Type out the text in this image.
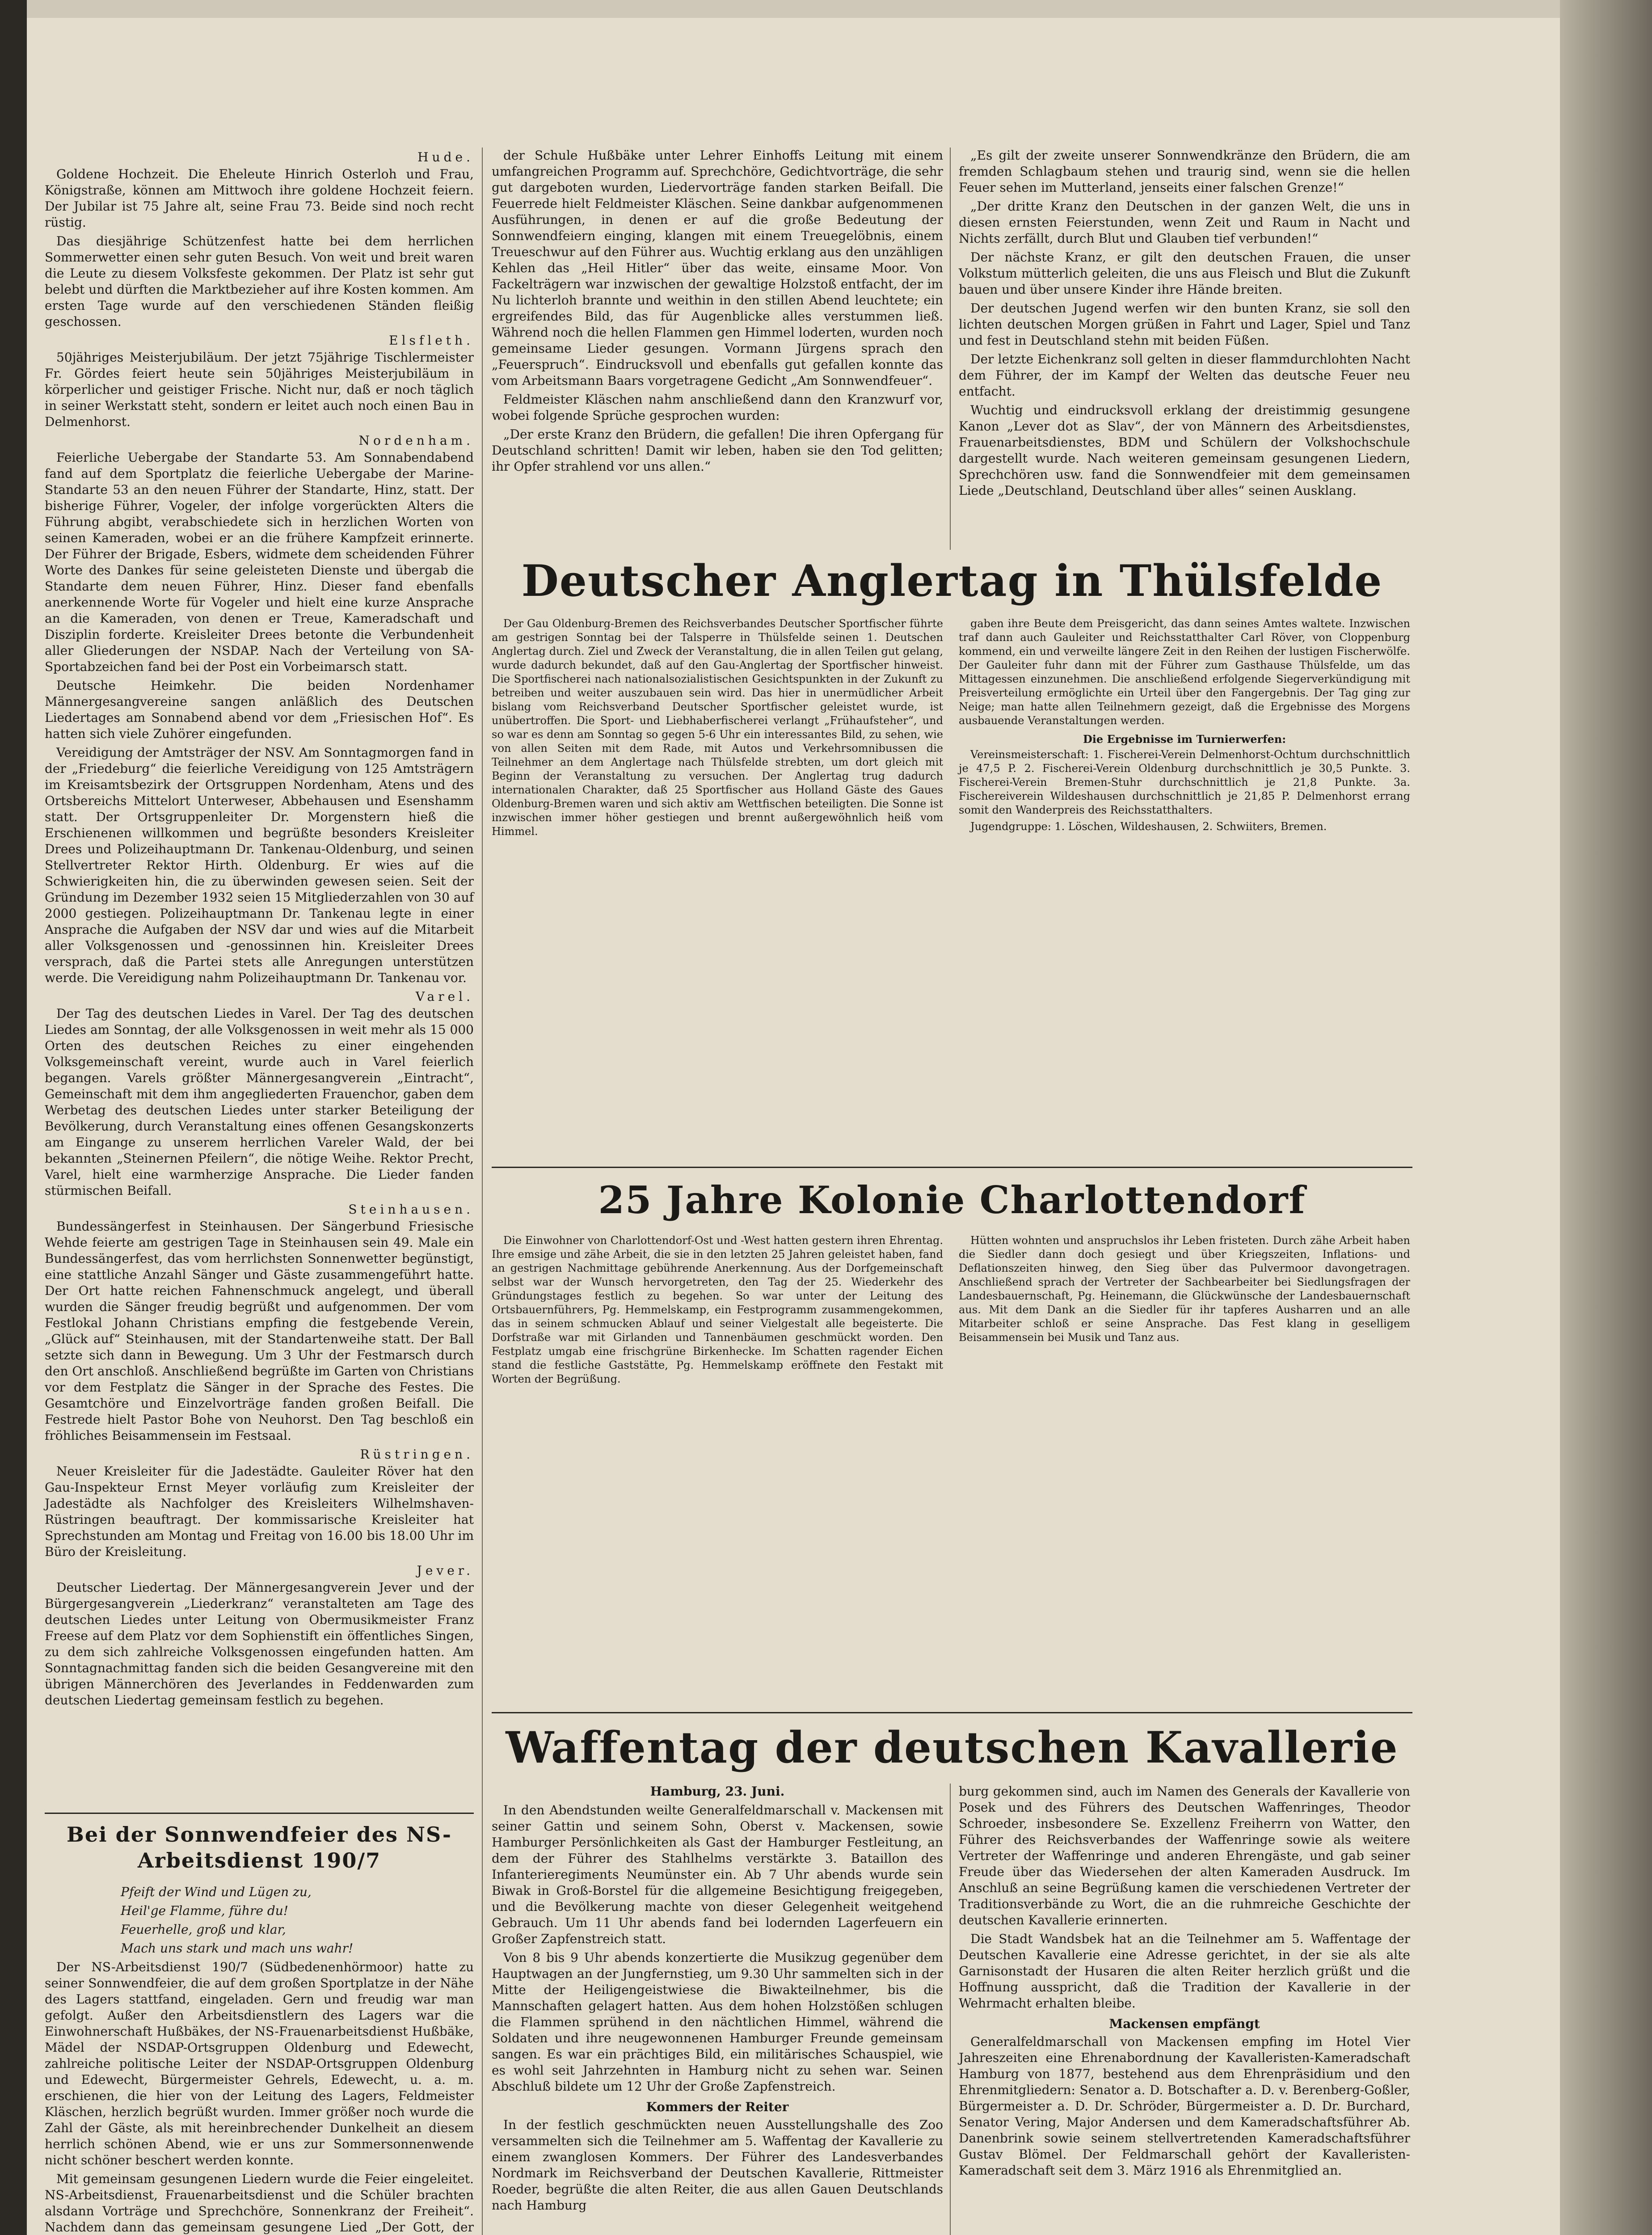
Hude.

Goldene Hochzeit. Die Eheleute Hinrich Osterloh und Frau, Königstraße, können am Mittwoch ihre goldene Hochzeit feiern. Der Jubilar ist 75 Jahre alt, seine Frau 73. Beide sind noch recht rüstig.

Das diesjährige Schützenfest hatte bei dem herrlichen Sommerwetter einen sehr guten Besuch. Von weit und breit waren die Leute zu diesem Volksfeste gekommen. Der Platz ist sehr gut belebt und dürften die Marktbezieher auf ihre Kosten kommen. Am ersten Tage wurde auf den verschiedenen Ständen fleißig geschossen.

Elsfleth.

50jähriges Meisterjubiläum. Der jetzt 75jährige Tischlermeister Fr. Gördes feiert heute sein 50jähriges Meisterjubiläum in körperlicher und geistiger Frische. Nicht nur, daß er noch täglich in seiner Werkstatt steht, sondern er leitet auch noch einen Bau in Delmenhorst.

Nordenham.

Feierliche Uebergabe der Standarte 53. Am Sonnabendabend fand auf dem Sportplatz die feierliche Uebergabe der Marine-Standarte 53 an den neuen Führer der Standarte, Hinz, statt. Der bisherige Führer, Vogeler, der infolge vorgerückten Alters die Führung abgibt, verabschiedete sich in herzlichen Worten von seinen Kameraden, wobei er an die frühere Kampfzeit erinnerte. Der Führer der Brigade, Esbers, widmete dem scheidenden Führer Worte des Dankes für seine geleisteten Dienste und übergab die Standarte dem neuen Führer, Hinz. Dieser fand ebenfalls anerkennende Worte für Vogeler und hielt eine kurze Ansprache an die Kameraden, von denen er Treue, Kameradschaft und Disziplin forderte. Kreisleiter Drees betonte die Verbundenheit aller Gliederungen der NSDAP. Nach der Verteilung von SA-Sportabzeichen fand bei der Post ein Vorbeimarsch statt.

Deutsche Heimkehr. Die beiden Nordenhamer Männergesangvereine sangen anläßlich des Deutschen Liedertages am Sonnabend abend vor dem „Friesischen Hof“. Es hatten sich viele Zuhörer eingefunden.

Vereidigung der Amtsträger der NSV. Am Sonntagmorgen fand in der „Friedeburg“ die feierliche Vereidigung von 125 Amtsträgern im Kreisamtsbezirk der Ortsgruppen Nordenham, Atens und des Ortsbereichs Mittelort Unterweser, Abbehausen und Esenshamm statt. Der Ortsgruppenleiter Dr. Morgenstern hieß die Erschienenen willkommen und begrüßte besonders Kreisleiter Drees und Polizeihauptmann Dr. Tankenau-Oldenburg, und seinen Stellvertreter Rektor Hirth. Oldenburg. Er wies auf die Schwierigkeiten hin, die zu überwinden gewesen seien. Seit der Gründung im Dezember 1932 seien 15 Mitgliederzahlen von 30 auf 2000 gestiegen. Polizeihauptmann Dr. Tankenau legte in einer Ansprache die Aufgaben der NSV dar und wies auf die Mitarbeit aller Volksgenossen und -genossinnen hin. Kreisleiter Drees versprach, daß die Partei stets alle Anregungen unterstützen werde. Die Vereidigung nahm Polizeihauptmann Dr. Tankenau vor.

Varel.

Der Tag des deutschen Liedes in Varel. Der Tag des deutschen Liedes am Sonntag, der alle Volksgenossen in weit mehr als 15 000 Orten des deutschen Reiches zu einer eingehenden Volksgemeinschaft vereint, wurde auch in Varel feierlich begangen. Varels größter Männergesangverein „Eintracht“, Gemeinschaft mit dem ihm angegliederten Frauenchor, gaben dem Werbetag des deutschen Liedes unter starker Beteiligung der Bevölkerung, durch Veranstaltung eines offenen Gesangskonzerts am Eingange zu unserem herrlichen Vareler Wald, der bei bekannten „Steinernen Pfeilern“, die nötige Weihe. Rektor Precht, Varel, hielt eine warmherzige Ansprache. Die Lieder fanden stürmischen Beifall.

Steinhausen.

Bundessängerfest in Steinhausen. Der Sängerbund Friesische Wehde feierte am gestrigen Tage in Steinhausen sein 49. Male ein Bundessängerfest, das vom herrlichsten Sonnenwetter begünstigt, eine stattliche Anzahl Sänger und Gäste zusammengeführt hatte. Der Ort hatte reichen Fahnenschmuck angelegt, und überall wurden die Sänger freudig begrüßt und aufgenommen. Der vom Festlokal Johann Christians empfing die festgebende Verein, „Glück auf“ Steinhausen, mit der Standartenweihe statt. Der Ball setzte sich dann in Bewegung. Um 3 Uhr der Festmarsch durch den Ort anschloß. Anschließend begrüßte im Garten von Christians vor dem Festplatz die Sänger in der Sprache des Festes. Die Gesamtchöre und Einzelvorträge fanden großen Beifall. Die Festrede hielt Pastor Bohe von Neuhorst. Den Tag beschloß ein fröhliches Beisammensein im Festsaal.

Rüstringen.

Neuer Kreisleiter für die Jadestädte. Gauleiter Röver hat den Gau-Inspekteur Ernst Meyer vorläufig zum Kreisleiter der Jadestädte als Nachfolger des Kreisleiters Wilhelmshaven-Rüstringen beauftragt. Der kommissarische Kreisleiter hat Sprechstunden am Montag und Freitag von 16.00 bis 18.00 Uhr im Büro der Kreisleitung.

Jever.

Deutscher Liedertag. Der Männergesangverein Jever und der Bürgergesangverein „Liederkranz“ veranstalteten am Tage des deutschen Liedes unter Leitung von Obermusikmeister Franz Freese auf dem Platz vor dem Sophienstift ein öffentliches Singen, zu dem sich zahlreiche Volksgenossen eingefunden hatten. Am Sonntagnachmittag fanden sich die beiden Gesangvereine mit den übrigen Männerchören des Jeverlandes in Feddenwarden zum deutschen Liedertag gemeinsam festlich zu begehen.

Bei der Sonnwendfeier des NS-Arbeitsdienst 190/7

Pfeift der Wind und Lügen zu,

Heil'ge Flamme, führe du!

Feuerhelle, groß und klar,

Mach uns stark und mach uns wahr!

Der NS-Arbeitsdienst 190/7 (Südbedenenhörmoor) hatte zu seiner Sonnwendfeier, die auf dem großen Sportplatze in der Nähe des Lagers stattfand, eingeladen. Gern und freudig war man gefolgt. Außer den Arbeitsdienstlern des Lagers war die Einwohnerschaft Hußbäkes, der NS-Frauenarbeitsdienst Hußbäke, Mädel der NSDAP-Ortsgruppen Oldenburg und Edewecht, zahlreiche politische Leiter der NSDAP-Ortsgruppen Oldenburg und Edewecht, Bürgermeister Gehrels, Edewecht, u. a. m. erschienen, die hier von der Leitung des Lagers, Feldmeister Kläschen, herzlich begrüßt wurden. Immer größer noch wurde die Zahl der Gäste, als mit hereinbrechender Dunkelheit an diesem herrlich schönen Abend, wie er uns zur Sommersonnenwende nicht schöner beschert werden konnte.

Mit gemeinsam gesungenen Liedern wurde die Feier eingeleitet. NS-Arbeitsdienst, Frauenarbeitsdienst und die Schüler brachten alsdann Vorträge und Sprechchöre, Sonnenkranz der Freiheit“. Nachdem dann das gemeinsam gesungene Lied „Der Gott, der

der Schule Hußbäke unter Lehrer Einhoffs Leitung mit einem umfangreichen Programm auf. Sprechchöre, Gedichtvorträge, die sehr gut dargeboten wurden, Liedervorträge fanden starken Beifall. Die Feuerrede hielt Feldmeister Kläschen. Seine dankbar aufgenommenen Ausführungen, in denen er auf die große Bedeutung der Sonnwendfeiern einging, klangen mit einem Treuegelöbnis, einem Treueschwur auf den Führer aus. Wuchtig erklang aus den unzähligen Kehlen das „Heil Hitler“ über das weite, einsame Moor. Von Fackelträgern war inzwischen der gewaltige Holzstoß entfacht, der im Nu lichterloh brannte und weithin in den stillen Abend leuchtete; ein ergreifendes Bild, das für Augenblicke alles verstummen ließ. Während noch die hellen Flammen gen Himmel loderten, wurden noch gemeinsame Lieder gesungen. Vormann Jürgens sprach den „Feuerspruch“. Eindrucksvoll und ebenfalls gut gefallen konnte das vom Arbeitsmann Baars vorgetragene Gedicht „Am Sonnwendfeuer“.

Feldmeister Kläschen nahm anschließend dann den Kranzwurf vor, wobei folgende Sprüche gesprochen wurden:

„Der erste Kranz den Brüdern, die gefallen! Die ihren Opfergang für Deutschland schritten! Damit wir leben, haben sie den Tod gelitten; ihr Opfer strahlend vor uns allen.“

„Es gilt der zweite unserer Sonnwendkränze den Brüdern, die am fremden Schlagbaum stehen und traurig sind, wenn sie die hellen Feuer sehen im Mutterland, jenseits einer falschen Grenze!“

„Der dritte Kranz den Deutschen in der ganzen Welt, die uns in diesen ernsten Feierstunden, wenn Zeit und Raum in Nacht und Nichts zerfällt, durch Blut und Glauben tief verbunden!“

Der nächste Kranz, er gilt den deutschen Frauen, die unser Volkstum mütterlich geleiten, die uns aus Fleisch und Blut die Zukunft bauen und über unsere Kinder ihre Hände breiten.

Der deutschen Jugend werfen wir den bunten Kranz, sie soll den lichten deutschen Morgen grüßen in Fahrt und Lager, Spiel und Tanz und fest in Deutschland stehn mit beiden Füßen.

Der letzte Eichenkranz soll gelten in dieser flammdurchlohten Nacht dem Führer, der im Kampf der Welten das deutsche Feuer neu entfacht.

Wuchtig und eindrucksvoll erklang der dreistimmig gesungene Kanon „Lever dot as Slav“, der von Männern des Arbeitsdienstes, Frauenarbeitsdienstes, BDM und Schülern der Volkshochschule dargestellt wurde. Nach weiteren gemeinsam gesungenen Liedern, Sprechchören usw. fand die Sonnwendfeier mit dem gemeinsamen Liede „Deutschland, Deutschland über alles“ seinen Ausklang.

Deutscher Anglertag in Thülsfelde

Der Gau Oldenburg-Bremen des Reichsverbandes Deutscher Sportfischer führte am gestrigen Sonntag bei der Talsperre in Thülsfelde seinen 1. Deutschen Anglertag durch. Ziel und Zweck der Veranstaltung, die in allen Teilen gut gelang, wurde dadurch bekundet, daß auf den Gau-Anglertag der Sportfischer hinweist. Die Sportfischerei nach nationalsozialistischen Gesichtspunkten in der Zukunft zu betreiben und weiter auszubauen sein wird. Das hier in unermüdlicher Arbeit bislang vom Reichsverband Deutscher Sportfischer geleistet wurde, ist unübertroffen. Die Sport- und Liebhaberfischerei verlangt „Frühaufsteher“, und so war es denn am Sonntag so gegen 5-6 Uhr ein interessantes Bild, zu sehen, wie von allen Seiten mit dem Rade, mit Autos und Verkehrsomnibussen die Teilnehmer an dem Anglertage nach Thülsfelde strebten, um dort gleich mit Beginn der Veranstaltung zu versuchen. Der Anglertag trug dadurch internationalen Charakter, daß 25 Sportfischer aus Holland Gäste des Gaues Oldenburg-Bremen waren und sich aktiv am Wettfischen beteiligten. Die Sonne ist inzwischen immer höher gestiegen und brennt außergewöhnlich heiß vom Himmel.

gaben ihre Beute dem Preisgericht, das dann seines Amtes waltete. Inzwischen traf dann auch Gauleiter und Reichsstatthalter Carl Röver, von Cloppenburg kommend, ein und verweilte längere Zeit in den Reihen der lustigen Fischerwölfe. Der Gauleiter fuhr dann mit der Führer zum Gasthause Thülsfelde, um das Mittagessen einzunehmen. Die anschließend erfolgende Siegerverkündigung mit Preisverteilung ermöglichte ein Urteil über den Fangergebnis. Der Tag ging zur Neige; man hatte allen Teilnehmern gezeigt, daß die Ergebnisse des Morgens ausbauende Veranstaltungen werden.

Die Ergebnisse im Turnierwerfen:

Vereinsmeisterschaft: 1. Fischerei-Verein Delmenhorst-Ochtum durchschnittlich je 47,5 P. 2. Fischerei-Verein Oldenburg durchschnittlich je 30,5 Punkte. 3. Fischerei-Verein Bremen-Stuhr durchschnittlich je 21,8 Punkte. 3a. Fischereiverein Wildeshausen durchschnittlich je 21,85 P. Delmenhorst errang somit den Wanderpreis des Reichsstatthalters.

Jugendgruppe: 1. Löschen, Wildeshausen, 2. Schwiiters, Bremen.

25 Jahre Kolonie Charlottendorf

Die Einwohner von Charlottendorf-Ost und -West hatten gestern ihren Ehrentag. Ihre emsige und zähe Arbeit, die sie in den letzten 25 Jahren geleistet haben, fand an gestrigen Nachmittage gebührende Anerkennung. Aus der Dorfgemeinschaft selbst war der Wunsch hervorgetreten, den Tag der 25. Wiederkehr des Gründungstages festlich zu begehen. So war unter der Leitung des Ortsbauernführers, Pg. Hemmelskamp, ein Festprogramm zusammengekommen, das in seinem schmucken Ablauf und seiner Vielgestalt alle begeisterte. Die Dorfstraße war mit Girlanden und Tannenbäumen geschmückt worden. Den Festplatz umgab eine frischgrüne Birkenhecke. Im Schatten ragender Eichen stand die festliche Gaststätte, Pg. Hemmelskamp eröffnete den Festakt mit Worten der Begrüßung.

Hütten wohnten und anspruchslos ihr Leben fristeten. Durch zähe Arbeit haben die Siedler dann doch gesiegt und über Kriegszeiten, Inflations- und Deflationszeiten hinweg, den Sieg über das Pulvermoor davongetragen. Anschließend sprach der Vertreter der Sachbearbeiter bei Siedlungsfragen der Landesbauernschaft, Pg. Heinemann, die Glückwünsche der Landesbauernschaft aus. Mit dem Dank an die Siedler für ihr tapferes Ausharren und an alle Mitarbeiter schloß er seine Ansprache. Das Fest klang in geselligem Beisammensein bei Musik und Tanz aus.

Waffentag der deutschen Kavallerie

Hamburg, 23. Juni.

In den Abendstunden weilte Generalfeldmarschall v. Mackensen mit seiner Gattin und seinem Sohn, Oberst v. Mackensen, sowie Hamburger Persönlichkeiten als Gast der Hamburger Festleitung, an dem der Führer des Stahlhelms verstärkte 3. Bataillon des Infanterieregiments Neumünster ein. Ab 7 Uhr abends wurde sein Biwak in Groß-Borstel für die allgemeine Besichtigung freigegeben, und die Bevölkerung machte von dieser Gelegenheit weitgehend Gebrauch. Um 11 Uhr abends fand bei lodernden Lagerfeuern ein Großer Zapfenstreich statt.

Von 8 bis 9 Uhr abends konzertierte die Musikzug gegenüber dem Hauptwagen an der Jungfernstieg, um 9.30 Uhr sammelten sich in der Mitte der Heiligengeistwiese die Biwakteilnehmer, bis die Mannschaften gelagert hatten. Aus dem hohen Holzstößen schlugen die Flammen sprühend in den nächtlichen Himmel, während die Soldaten und ihre neugewonnenen Hamburger Freunde gemeinsam sangen. Es war ein prächtiges Bild, ein militärisches Schauspiel, wie es wohl seit Jahrzehnten in Hamburg nicht zu sehen war. Seinen Abschluß bildete um 12 Uhr der Große Zapfenstreich.

Kommers der Reiter

In der festlich geschmückten neuen Ausstellungshalle des Zoo versammelten sich die Teilnehmer am 5. Waffentag der Kavallerie zu einem zwanglosen Kommers. Der Führer des Landesverbandes Nordmark im Reichsverband der Deutschen Kavallerie, Rittmeister Roeder, begrüßte die alten Reiter, die aus allen Gauen Deutschlands nach Hamburg

burg gekommen sind, auch im Namen des Generals der Kavallerie von Posek und des Führers des Deutschen Waffenringes, Theodor Schroeder, insbesondere Se. Exzellenz Freiherrn von Watter, den Führer des Reichsverbandes der Waffenringe sowie als weitere Vertreter der Waffenringe und anderen Ehrengäste, und gab seiner Freude über das Wiedersehen der alten Kameraden Ausdruck. Im Anschluß an seine Begrüßung kamen die verschiedenen Vertreter der Traditionsverbände zu Wort, die an die ruhmreiche Geschichte der deutschen Kavallerie erinnerten.

Die Stadt Wandsbek hat an die Teilnehmer am 5. Waffentage der Deutschen Kavallerie eine Adresse gerichtet, in der sie als alte Garnisonstadt der Husaren die alten Reiter herzlich grüßt und die Hoffnung ausspricht, daß die Tradition der Kavallerie in der Wehrmacht erhalten bleibe.

Mackensen empfängt

Generalfeldmarschall von Mackensen empfing im Hotel Vier Jahreszeiten eine Ehrenabordnung der Kavalleristen-Kameradschaft Hamburg von 1877, bestehend aus dem Ehrenpräsidium und den Ehrenmitgliedern: Senator a. D. Botschafter a. D. v. Berenberg-Goßler, Bürgermeister a. D. Dr. Schröder, Bürgermeister a. D. Dr. Burchard, Senator Vering, Major Andersen und dem Kameradschaftsführer Ab. Danenbrink sowie seinem stellvertretenden Kameradschaftsführer Gustav Blömel. Der Feldmarschall gehört der Kavalleristen-Kameradschaft seit dem 3. März 1916 als Ehrenmitglied an.
